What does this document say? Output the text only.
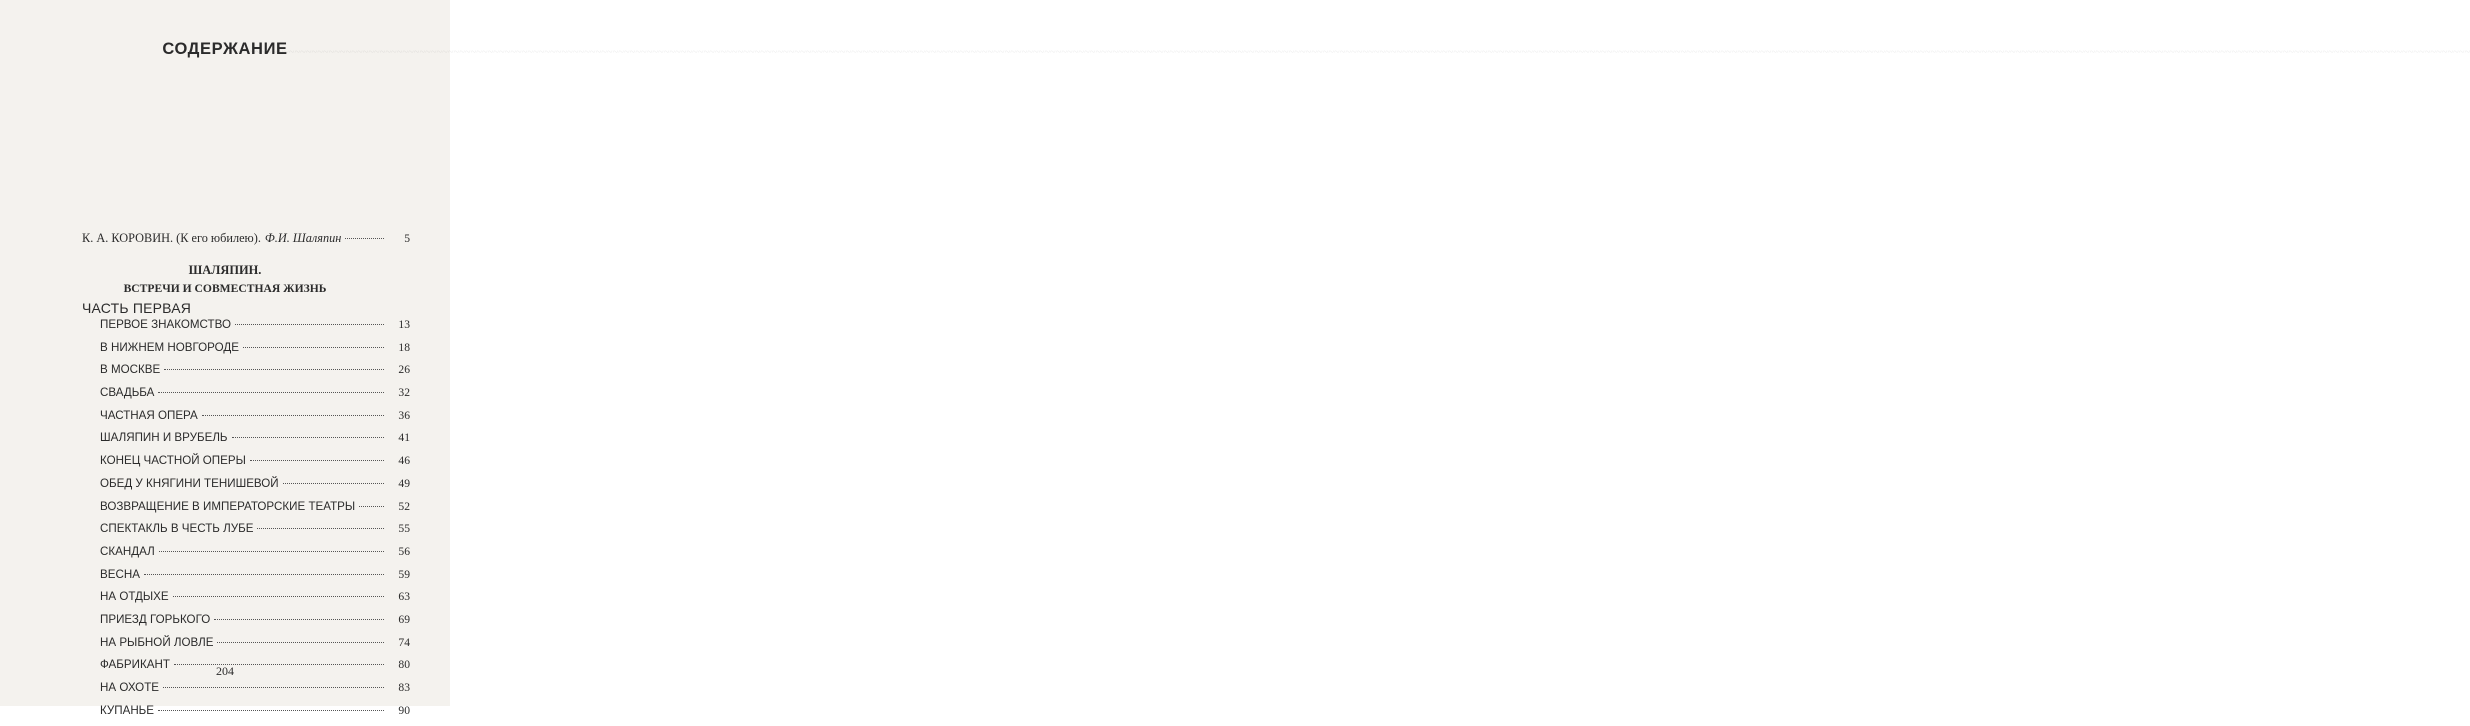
~~~~~~~~~~~~~~~~~~~~~~~~~~~~~~~~~~~~~~~~~~~~~~~~~~~~~~~~~~~~~~~~~~~~~~~~~~~~~~~~~~~~~~~~~~~~~~~~~~~~~~~~~~~~~~~~~~~~~~~~~~~~~~~~~~~~~~~~~~~~~~~~~~~~~~~~~~~~~~~~~~~~~~~~~~~~~~~~~~~~~~~~~~~~~~~~~~~~~~~~~~~~~~~~~~~~~~~~~~~~~~~~~~~~~~~~~~~~~~~~~~~~~~~~~~~~~~~~~~~~~~~~~~~~~~~~~~~~~~~~~~~~~~~~~~~~~~~~~~~~~~~~~~~~~~~~~~~~~~~~~~~~~~~~~~~~~~~~~~~~~~~~~~~~~~~~~~~~~~~~~~~~~~~~~~~~~~~~~~~~~~~~~~~~~~~~~~
СОДЕРЖАНИЕ
К. А. КОРОВИН. (К его юбилею). Ф.И. Шаляпин	5
ШАЛЯПИН.
ВСТРЕЧИ И СОВМЕСТНАЯ ЖИЗНЬ
ЧАСТЬ ПЕРВАЯ
ПЕРВОЕ ЗНАКОМСТВО	13
В НИЖНЕМ НОВГОРОДЕ	18
В МОСКВЕ	26
СВАДЬБА	32
ЧАСТНАЯ ОПЕРА	36
ШАЛЯПИН И ВРУБЕЛЬ	41
КОНЕЦ ЧАСТНОЙ ОПЕРЫ	46
ОБЕД У КНЯГИНИ ТЕНИШЕВОЙ	49
ВОЗВРАЩЕНИЕ В ИМПЕРАТОРСКИЕ ТЕАТРЫ	52
СПЕКТАКЛЬ В ЧЕСТЬ ЛУБЕ	55
СКАНДАЛ	56
ВЕСНА	59
НА ОТДЫХЕ	63
ПРИЕЗД ГОРЬКОГО	69
НА РЫБНОЙ ЛОВЛЕ	74
ФАБРИКАНТ	80
НА ОХОТЕ	83
КУПАНЬЕ	90
204
